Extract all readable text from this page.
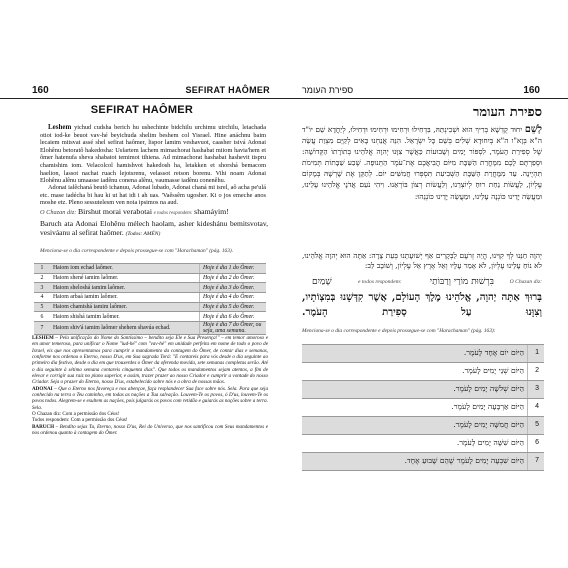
160	SEFIRAT HAÔMER
SEFIRAT HAÔMER
Leshem yichud cudsha berich hu ushechinte bidchilu urchimu uirchilu, leiachada otiot iod-ke beuot vav-hé beyichuda shelim beshem col Yisrael. Hine anáchnu baim lecaiem mitsvat assé shel sefirat haômer, lispor lamim veshavuot, caasher tsivá Adonai Elohênu betoratô hakedosha: Usfartem lachem mimachorat hashabat miiom havia'hem et ômer hatenufa sheva shabatot temimot tihiena. Ad mimachorat hashabat hashevit tispru chamishim iom. Velacolcol hamishvot hakedosh ha, letakken et shorshá bemacom haelion, lassot nachat ruach lejotsrenu, velassot retson borenu. Vihi noam Adonai Elohênu alênu umaasse iadênu conena alênu, vaumasse iadênu conenêhu.
Adonai ialêchaná beutô ichanuu, Adonai lubado, Adonai chaná mi isrel, aô acha pe'ulá etc. mase iadécha bi hau ki ut hat idi i ah uas. 'Vaêssêm ugosher. Ki o jos emeche anos moshe etz. Pleno sessutelesm ven noia ipsimos na aud.
O Chazan diz: Birshut morai verabotai e todos respondem: shamáyim!
Baruch ata Adonai Elohênu mélech haolam, asher kideshánu bemitsvotav, vesiváanu al sefirat haômer. (Todos: AMÉN)
Menciona-se o dia correspondente e depois prossegue-se com "Harachaman" (pág. 163).
1	Haiom iom echad laômer.	Hoje é dia 1 do Ômer.
2	Haiom shené iamim laômer.	Hoje é dia 2 do Ômer.
3	Haiom sheloshá iamim laômer.	Hoje é dia 3 do Ômer.
4	Haiom arbaá iamim laômer.	Hoje é dia 4 do Ômer.
5	Haiom chamishá iamim laômer.	Hoje é dia 5 do Ômer.
6	Haiom shishá iamim laômer.	Hoje é dia 6 do Ômer.
7	Haiom shiv'á iamim laômer shehem shavúa echad.	Hoje é dia 7 do Ômer, ou seja, uma semana.
LESHEM – Pela unificação do Nome do Santíssimo – bendito seja Ele e Sua Presença!" – em temor amoroso e em amor temeroso, para unificar o Nome "iud-hé" com "vav-hé" em unidade perfeita em nome de todo o povo de Israel, eis que nos apresentamos para cumprir o mandamento da contagem do Ômer, de contar dias e semanas, conforme nos ordenou o Eterno, nosso D'us, em Sua sagrada Torá: "E contareis para vós desde o dia seguinte ao primeiro dia festivo, desde o dia em que trouxerdes o Ômer da oferenda movida, sete semanas completas serão. Até o dia seguinte à sétima semana contareis cinquenta dias". Que todos os mandamentos sejam atentos, a fim de elevar e corrigir sua raiz no plano superior, e assim, trazer prazer ao nosso Criador e cumprir a vontade do nosso Criador. Seja o prazer do Eterno, nosso D'us, estabelecido sobre nós e a obra de nossas mãos.
ADONAI – Que o Eterno nos favoreça e nos abençoe, faça resplandecer Sua face sobre nós. Sela. Para que seja conhecido na terra o Teu caminho, em todas as nações a Tua salvação. Louvem-Te os povos, ó D'us, louvem-Te os povos todos. Alegrem-se e exultem as nações, pois julgarás os povos com retidão e guiarás as nações sobre a terra. Sela.
O Chazan diz: Com a permissão dos Céus!
Todos respondem: Com a permissão dos Céus!
BARUCH – Bendito sejas Tu, Eterno, nosso D'us, Rei do Universo, que nos santificou com Seus mandamentos e nos ordenou quanto à contagem do Ômer.
ספירת העומר	160
ספירת העומר
לְשֵׁם יִחוּד קֻדְשָׁא בְּרִיךְ הוּא וּשְׁכִינְתֵּהּ, בִּדְחִילוּ וּרְחִימוּ וּרְחִימוּ וּדְחִילוּ, לְיַחֲדָא שֵׁם יוֹ"ד ה"א בְּוָא"ו ה"א בְּיִחוּדָא שְׁלִים בְּשֵׁם כָּל יִשְׂרָאֵל. הִנֵּה אֲנַחְנוּ בָּאִים לְקַיֵּם מִצְוַת עֲשֵׂה שֶׁל סְפִירַת הָעֹמֶר, לִסְפּוֹר יָמִים וְשָׁבוּעוֹת כַּאֲשֶׁר צִוָּנוּ יְהוָה אֱלֹהֵינוּ בְּתוֹרָתוֹ הַקְּדוֹשָׁה: וּסְפַרְתֶּם לָכֶם מִמָּחֳרַת הַשַּׁבָּת מִיּוֹם הֲבִיאֲכֶם אֶת־עֹמֶר הַתְּנוּפָה. שֶׁבַע שַׁבָּתוֹת תְּמִימֹת תִּהְיֶינָה. עַד מִמָּחֳרַת הַשַּׁבָּת הַשְּׁבִיעִת תִּסְפְּרוּ חֲמִשִּׁים יוֹם. לְתַקֵּן אֶת שָׁרְשָׁהּ בְּמָקוֹם עֶלְיוֹן, לַעֲשׂוֹת נַחַת רוּחַ לְיוֹצְרֵנוּ, וְלַעֲשׂוֹת רְצוֹן בּוֹרְאֵנוּ. וִיהִי נֹעַם אֲדֹנָי אֱלֹהֵינוּ עָלֵינוּ, וּמַעֲשֵׂה יָדֵינוּ כּוֹנְנָה עָלֵינוּ, וּמַעֲשֵׂה יָדֵינוּ כּוֹנְנֵהוּ:
יְהוָה חַנֵּנוּ לְךָ קִוִּינוּ, הֱיֵה זְרֹעָם לַבְּקָרִים אַף יְשׁוּעָתֵנוּ בְּעֵת צָרָה: אַתָּה הוּא יְהוָה אֱלֹהֵינוּ, לֹא נוֹחַ עָלֵינוּ עֶלְיוֹן, לֹא אָמַר עָלָיו וְאֵל אָרֶץ אֵל עֶלְיוֹן, וְשׁוֹבָב לֵב:
O Chazan diz:
בִּרְשׁוּת מוֹרַי וְרַבּוֹתַי
e todos respondem:
שָׁמַיִם
בָּרוּךְ אַתָּה יְהוָה, אֱלֹהֵינוּ מֶלֶךְ הָעוֹלָם, אֲשֶׁר קִדְּשָׁנוּ בְּמִצְוֹתָיו, וְצִוָּנוּ עַל סְפִירַת הָעֹמֶר.
Menciona-se o dia correspondente e depois prossegue-se com "Harachaman" (pág. 163):
1
הַיּוֹם יוֹם אֶחָד לָעֹמֶר.
2
הַיּוֹם שְׁנֵי יָמִים לָעֹמֶר.
3
הַיּוֹם שְׁלֹשָׁה יָמִים לָעֹמֶר.
4
הַיּוֹם אַרְבָּעָה יָמִים לָעֹמֶר.
5
הַיּוֹם חֲמִשָּׁה יָמִים לָעֹמֶר.
6
הַיּוֹם שִׁשָּׁה יָמִים לָעֹמֶר.
7
הַיּוֹם שִׁבְעָה יָמִים לָעֹמֶר שֶׁהֵם שָׁבוּעַ אֶחָד.
